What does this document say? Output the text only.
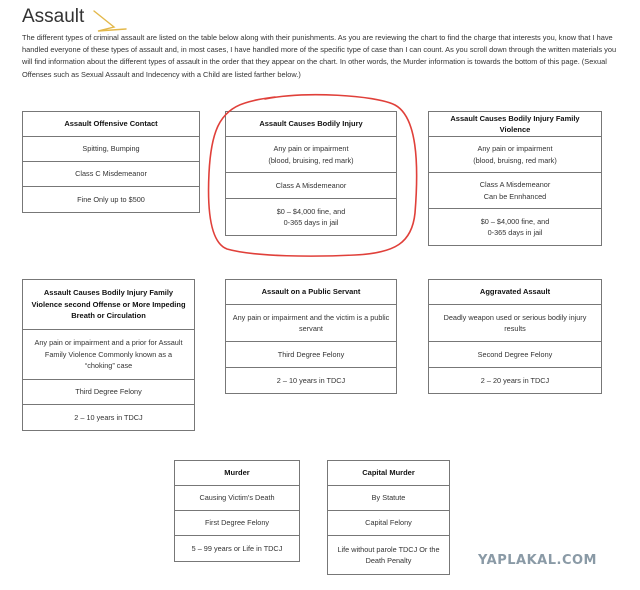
Assault
The different types of criminal assault are listed on the table below along with their punishments. As you are reviewing the chart to find the charge that interests you, know that I have handled everyone of these types of assault and, in most cases, I have handled more of the specific type of case than I can count. As you scroll down through the written materials you will find information about the different types of assault in the order that they appear on the chart. In other words, the Murder information is towards the bottom of this page. (Sexual Offenses such as Sexual Assault and Indecency with a Child are listed farther below.)
Assault Offensive Contact
Spitting, Bumping
Class C Misdemeanor
Fine Only up to $500
Assault Causes Bodily Injury
Any pain or impairment
(blood, bruising, red mark)
Class A Misdemeanor
$0 – $4,000 fine, and
0-365 days in jail
Assault Causes Bodily Injury Family Violence
Any pain or impairment
(blood, bruisng, red mark)
Class A Misdemeanor
Can be Ennhanced
$0 – $4,000 fine, and
0-365 days in jail
Assault Causes Bodily Injury Family Violence second Offense or More Impeding Breath or Circulation
Any pain or impairment and a prior for Assault Family Violence Commonly known as a “choking” case
Third Degree Felony
2 – 10 years in TDCJ
Assault on a Public Servant
Any pain or impairment and the victim is a public servant
Third Degree Felony
2 – 10 years in TDCJ
Aggravated Assault
Deadly weapon used or serious bodily injury results
Second Degree Felony
2 – 20 years in TDCJ
Murder
Causing Victim's Death
First Degree Felony
5 – 99 years or Life in TDCJ
Capital Murder
By Statute
Capital Felony
Life without parole TDCJ Or the Death Penalty	YAPLAKAL.COM
